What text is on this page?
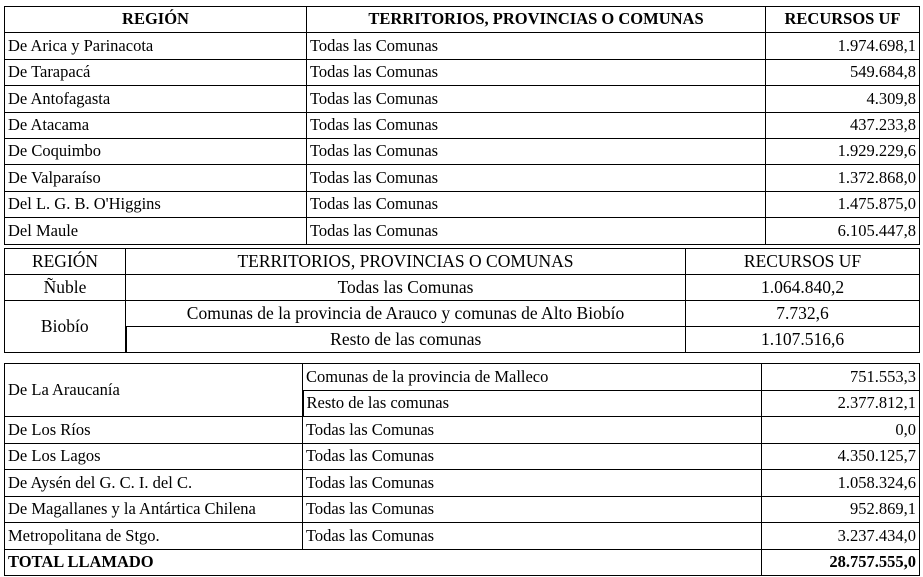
REGIÓN	TERRITORIOS, PROVINCIAS O COMUNAS	RECURSOS UF
De Arica y Parinacota	Todas las Comunas	1.974.698,1
De Tarapacá	Todas las Comunas	549.684,8
De Antofagasta	Todas las Comunas	4.309,8
De Atacama	Todas las Comunas	437.233,8
De Coquimbo	Todas las Comunas	1.929.229,6
De Valparaíso	Todas las Comunas	1.372.868,0
Del L. G. B. O'Higgins	Todas las Comunas	1.475.875,0
Del Maule	Todas las Comunas	6.105.447,8
REGIÓN	TERRITORIOS, PROVINCIAS O COMUNAS	RECURSOS UF
Ñuble	Todas las Comunas	1.064.840,2
Biobío	Comunas de la provincia de Arauco y comunas de Alto Biobío	7.732,6
	Resto de las comunas	1.107.516,6
De La Araucanía	Comunas de la provincia de Malleco	751.553,3
	Resto de las comunas	2.377.812,1
De Los Ríos	Todas las Comunas	0,0
De Los Lagos	Todas las Comunas	4.350.125,7
De Aysén del G. C. I. del C.	Todas las Comunas	1.058.324,6
De Magallanes y la Antártica Chilena	Todas las Comunas	952.869,1
Metropolitana de Stgo.	Todas las Comunas	3.237.434,0
TOTAL LLAMADO		28.757.555,0
